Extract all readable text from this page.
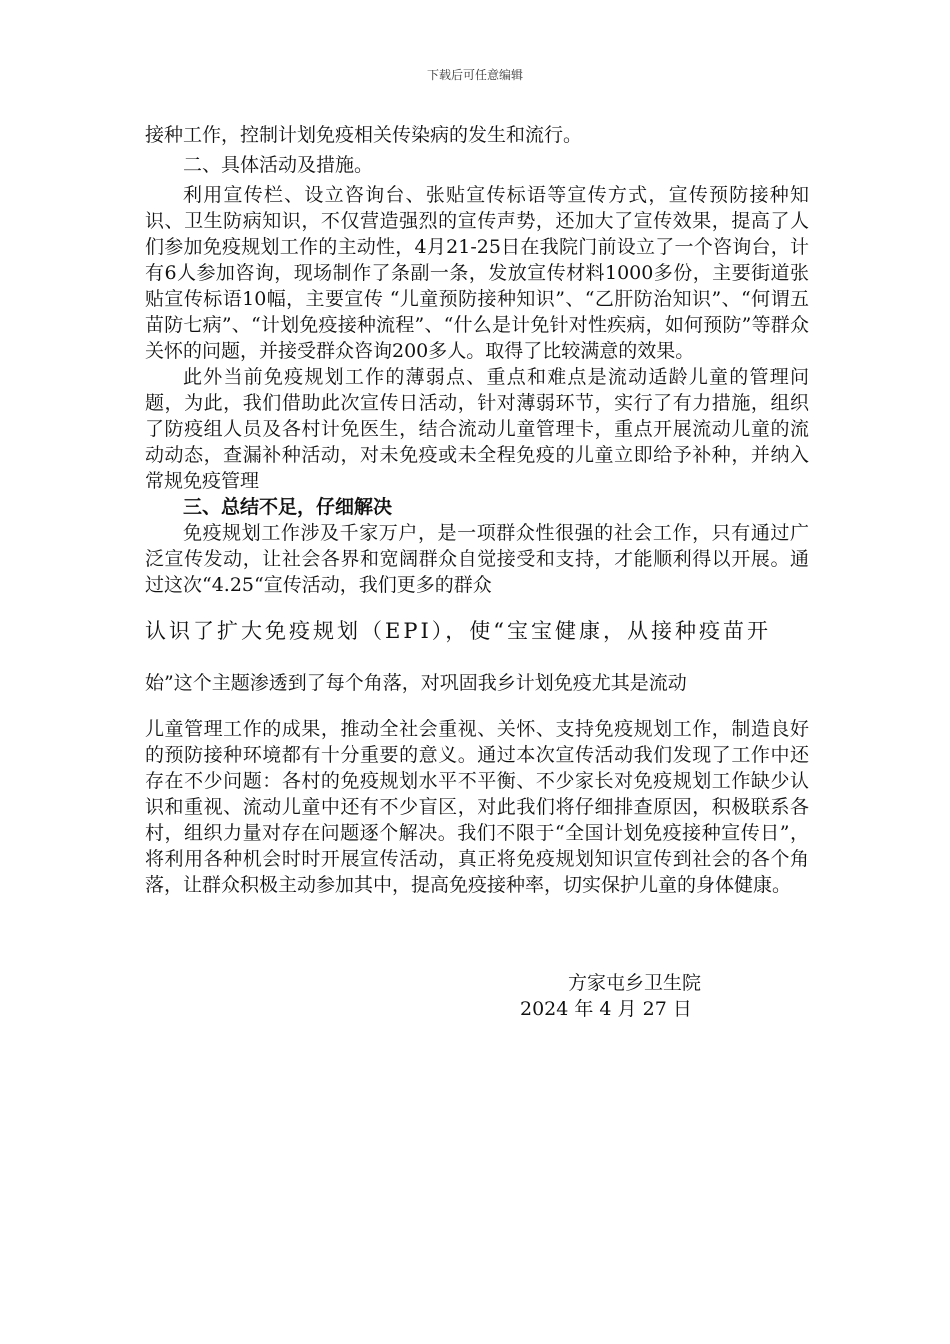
下载后可任意编辑

接种工作，控制计划免疫相关传染病的发生和流行。

二、具体活动及措施。

利用宣传栏、设立咨询台、张贴宣传标语等宣传方式，宣传预防接种知识、卫生防病知识，不仅营造强烈的宣传声势，还加大了宣传效果，提高了人们参加免疫规划工作的主动性，4月21-25日在我院门前设立了一个咨询台，计有6人参加咨询，现场制作了条副一条，发放宣传材料1000多份，主要街道张贴宣传标语10幅，主要宣传 “儿童预防接种知识”、“乙肝防治知识”、“何谓五苗防七病”、“计划免疫接种流程”、“什么是计免针对性疾病，如何预防”等群众关怀的问题，并接受群众咨询200多人。取得了比较满意的效果。

此外当前免疫规划工作的薄弱点、重点和难点是流动适龄儿童的管理问题，为此，我们借助此次宣传日活动，针对薄弱环节，实行了有力措施，组织了防疫组人员及各村计免医生，结合流动儿童管理卡，重点开展流动儿童的流动动态，查漏补种活动，对未免疫或未全程免疫的儿童立即给予补种，并纳入常规免疫管理

三、总结不足，仔细解决

免疫规划工作涉及千家万户，是一项群众性很强的社会工作，只有通过广泛宣传发动，让社会各界和宽阔群众自觉接受和支持，才能顺利得以开展。通过这次“4.25“宣传活动，我们更多的群众

认识了扩大免疫规划（EPI），使“宝宝健康，从接种疫苗开

始”这个主题渗透到了每个角落，对巩固我乡计划免疫尤其是流动

儿童管理工作的成果，推动全社会重视、关怀、支持免疫规划工作，制造良好的预防接种环境都有十分重要的意义。通过本次宣传活动我们发现了工作中还存在不少问题：各村的免疫规划水平不平衡、不少家长对免疫规划工作缺少认识和重视、流动儿童中还有不少盲区，对此我们将仔细排查原因，积极联系各村，组织力量对存在问题逐个解决。我们不限于“全国计划免疫接种宣传日”，将利用各种机会时时开展宣传活动，真正将免疫规划知识宣传到社会的各个角落，让群众积极主动参加其中，提高免疫接种率，切实保护儿童的身体健康。

方家屯乡卫生院
2024 年 4 月 27 日
